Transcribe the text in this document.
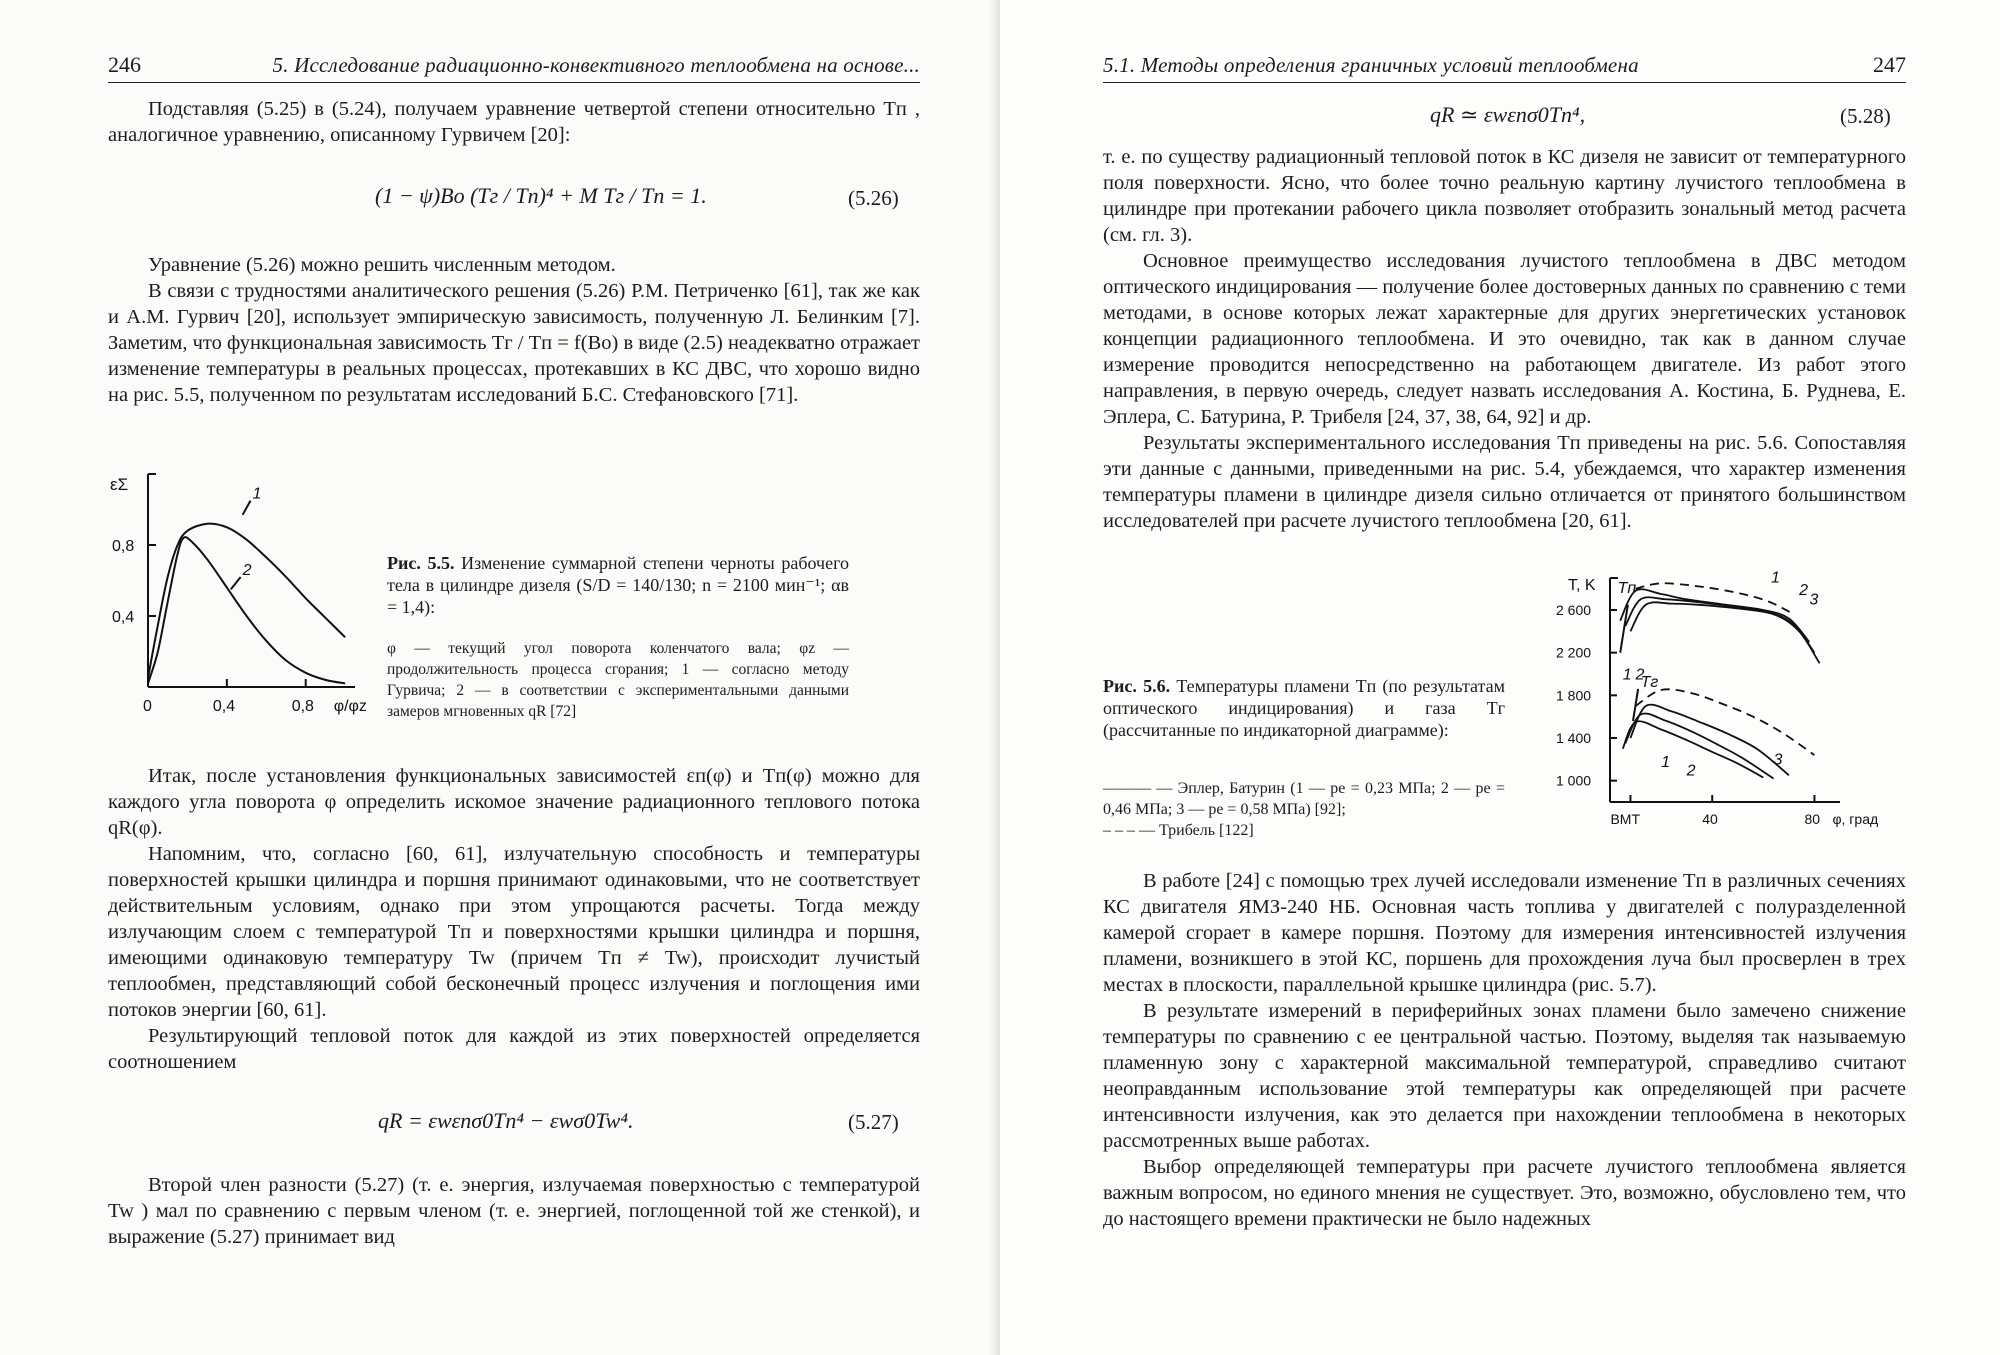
246	5. Исследование радиационно-конвективного теплообмена на основе...

Подставляя (5.25) в (5.24), получаем уравнение четвертой степени относительно Tп , аналогичное уравнению, описанному Гурвичем [20]:

(1 − ψ)Bo (Tг / Tп)⁴ + M Tг / Tп = 1.	(5.26)

Уравнение (5.26) можно решить численным методом.

В связи с трудностями аналитического решения (5.26) Р.М. Петриченко [61], так же как и А.М. Гурвич [20], использует эмпирическую зависимость, полученную Л. Белинким [7]. Заметим, что функциональная зависимость Tг / Tп = f(Bo) в виде (2.5) неадекватно отражает изменение температуры в реальных процессах, протекавших в КС ДВС, что хорошо видно на рис. 5.5, полученном по результатам исследований Б.С. Стефановского [71].

εΣ
0,4
0,8
0	0,4	0,8 φ/φz
1
2	Рис. 5.5. Изменение суммарной степени черноты рабочего тела в цилиндре дизеля (S/D = 140/130; n = 2100 мин⁻¹; αв = 1,4):
φ — текущий угол поворота коленчатого вала; φz — продолжительность процесса сгорания; 1 — согласно методу Гурвича; 2 — в соответствии с экспериментальными данными замеров мгновенных qR [72]

Итак, после установления функциональных зависимостей εп(φ) и Tп(φ) можно для каждого угла поворота φ определить искомое значение радиационного теплового потока qR(φ).

Напомним, что, согласно [60, 61], излучательную способность и температуры поверхностей крышки цилиндра и поршня принимают одинаковыми, что не соответствует действительным условиям, однако при этом упрощаются расчеты. Тогда между излучающим слоем с температурой Tп и поверхностями крышки цилиндра и поршня, имеющими одинаковую температуру Tw (причем Tп ≠ Tw), происходит лучистый теплообмен, представляющий собой бесконечный процесс излучения и поглощения ими потоков энергии [60, 61].

Результирующий тепловой поток для каждой из этих поверхностей определяется соотношением

qR = εwεпσ0Tп⁴ − εwσ0Tw⁴.	(5.27)

Второй член разности (5.27) (т. е. энергия, излучаемая поверхностью с температурой Tw ) мал по сравнению с первым членом (т. е. энергией, поглощенной той же стенкой), и выражение (5.27) принимает вид

5.1. Методы определения граничных условий теплообмена	247
qR ≃ εwεпσ0Tп⁴,	(5.28)

т. е. по существу радиационный тепловой поток в КС дизеля не зависит от температурного поля поверхности. Ясно, что более точно реальную картину лучистого теплообмена в цилиндре при протекании рабочего цикла позволяет отобразить зональный метод расчета (см. гл. 3).

Основное преимущество исследования лучистого теплообмена в ДВС методом оптического индицирования — получение более достоверных данных по сравнению с теми методами, в основе которых лежат характерные для других энергетических установок концепции радиационного теплообмена. И это очевидно, так как в данном случае измерение проводится непосредственно на работающем двигателе. Из работ этого направления, в первую очередь, следует назвать исследования А. Костина, Б. Руднева, Е. Эплера, С. Батурина, Р. Трибеля [24, 37, 38, 64, 92] и др.

Результаты экспериментального исследования Tп приведены на рис. 5.6. Сопоставляя эти данные с данными, приведенными на рис. 5.4, убеждаемся, что характер изменения температуры пламени в цилиндре дизеля сильно отличается от принятого большинством исследователей при расчете лучистого теплообмена [20, 61].

Рис. 5.6. Температуры пламени Tп (по результатам оптического индицирования) и газа Tг (рассчитанные по индикаторной диаграмме):
——— — Эплер, Батурин (1 — pe = 0,23 МПа; 2 — pe = 0,46 МПа; 3 — pe = 0,58 МПа) [92];
– – – — Трибель [122]
T, K
2 600
2 200
1 800
1 400
1 000
ВМТ	40	80 φ, град
Tп
Tг
1
2
3
1
2
3
1 2

В работе [24] с помощью трех лучей исследовали изменение Tп в различных сечениях КС двигателя ЯМЗ-240 НБ. Основная часть топлива у двигателей с полуразделенной камерой сгорает в камере поршня. Поэтому для измерения интенсивностей излучения пламени, возникшего в этой КС, поршень для прохождения луча был просверлен в трех местах в плоскости, параллельной крышке цилиндра (рис. 5.7).

В результате измерений в периферийных зонах пламени было замечено снижение температуры по сравнению с ее центральной частью. Поэтому, выделяя так называемую пламенную зону с характерной максимальной температурой, справедливо считают неоправданным использование этой температуры как определяющей при расчете интенсивности излучения, как это делается при нахождении теплообмена в некоторых рассмотренных выше работах.

Выбор определяющей температуры при расчете лучистого теплообмена является важным вопросом, но единого мнения не существует. Это, возможно, обусловлено тем, что до настоящего времени практически не было надежных
